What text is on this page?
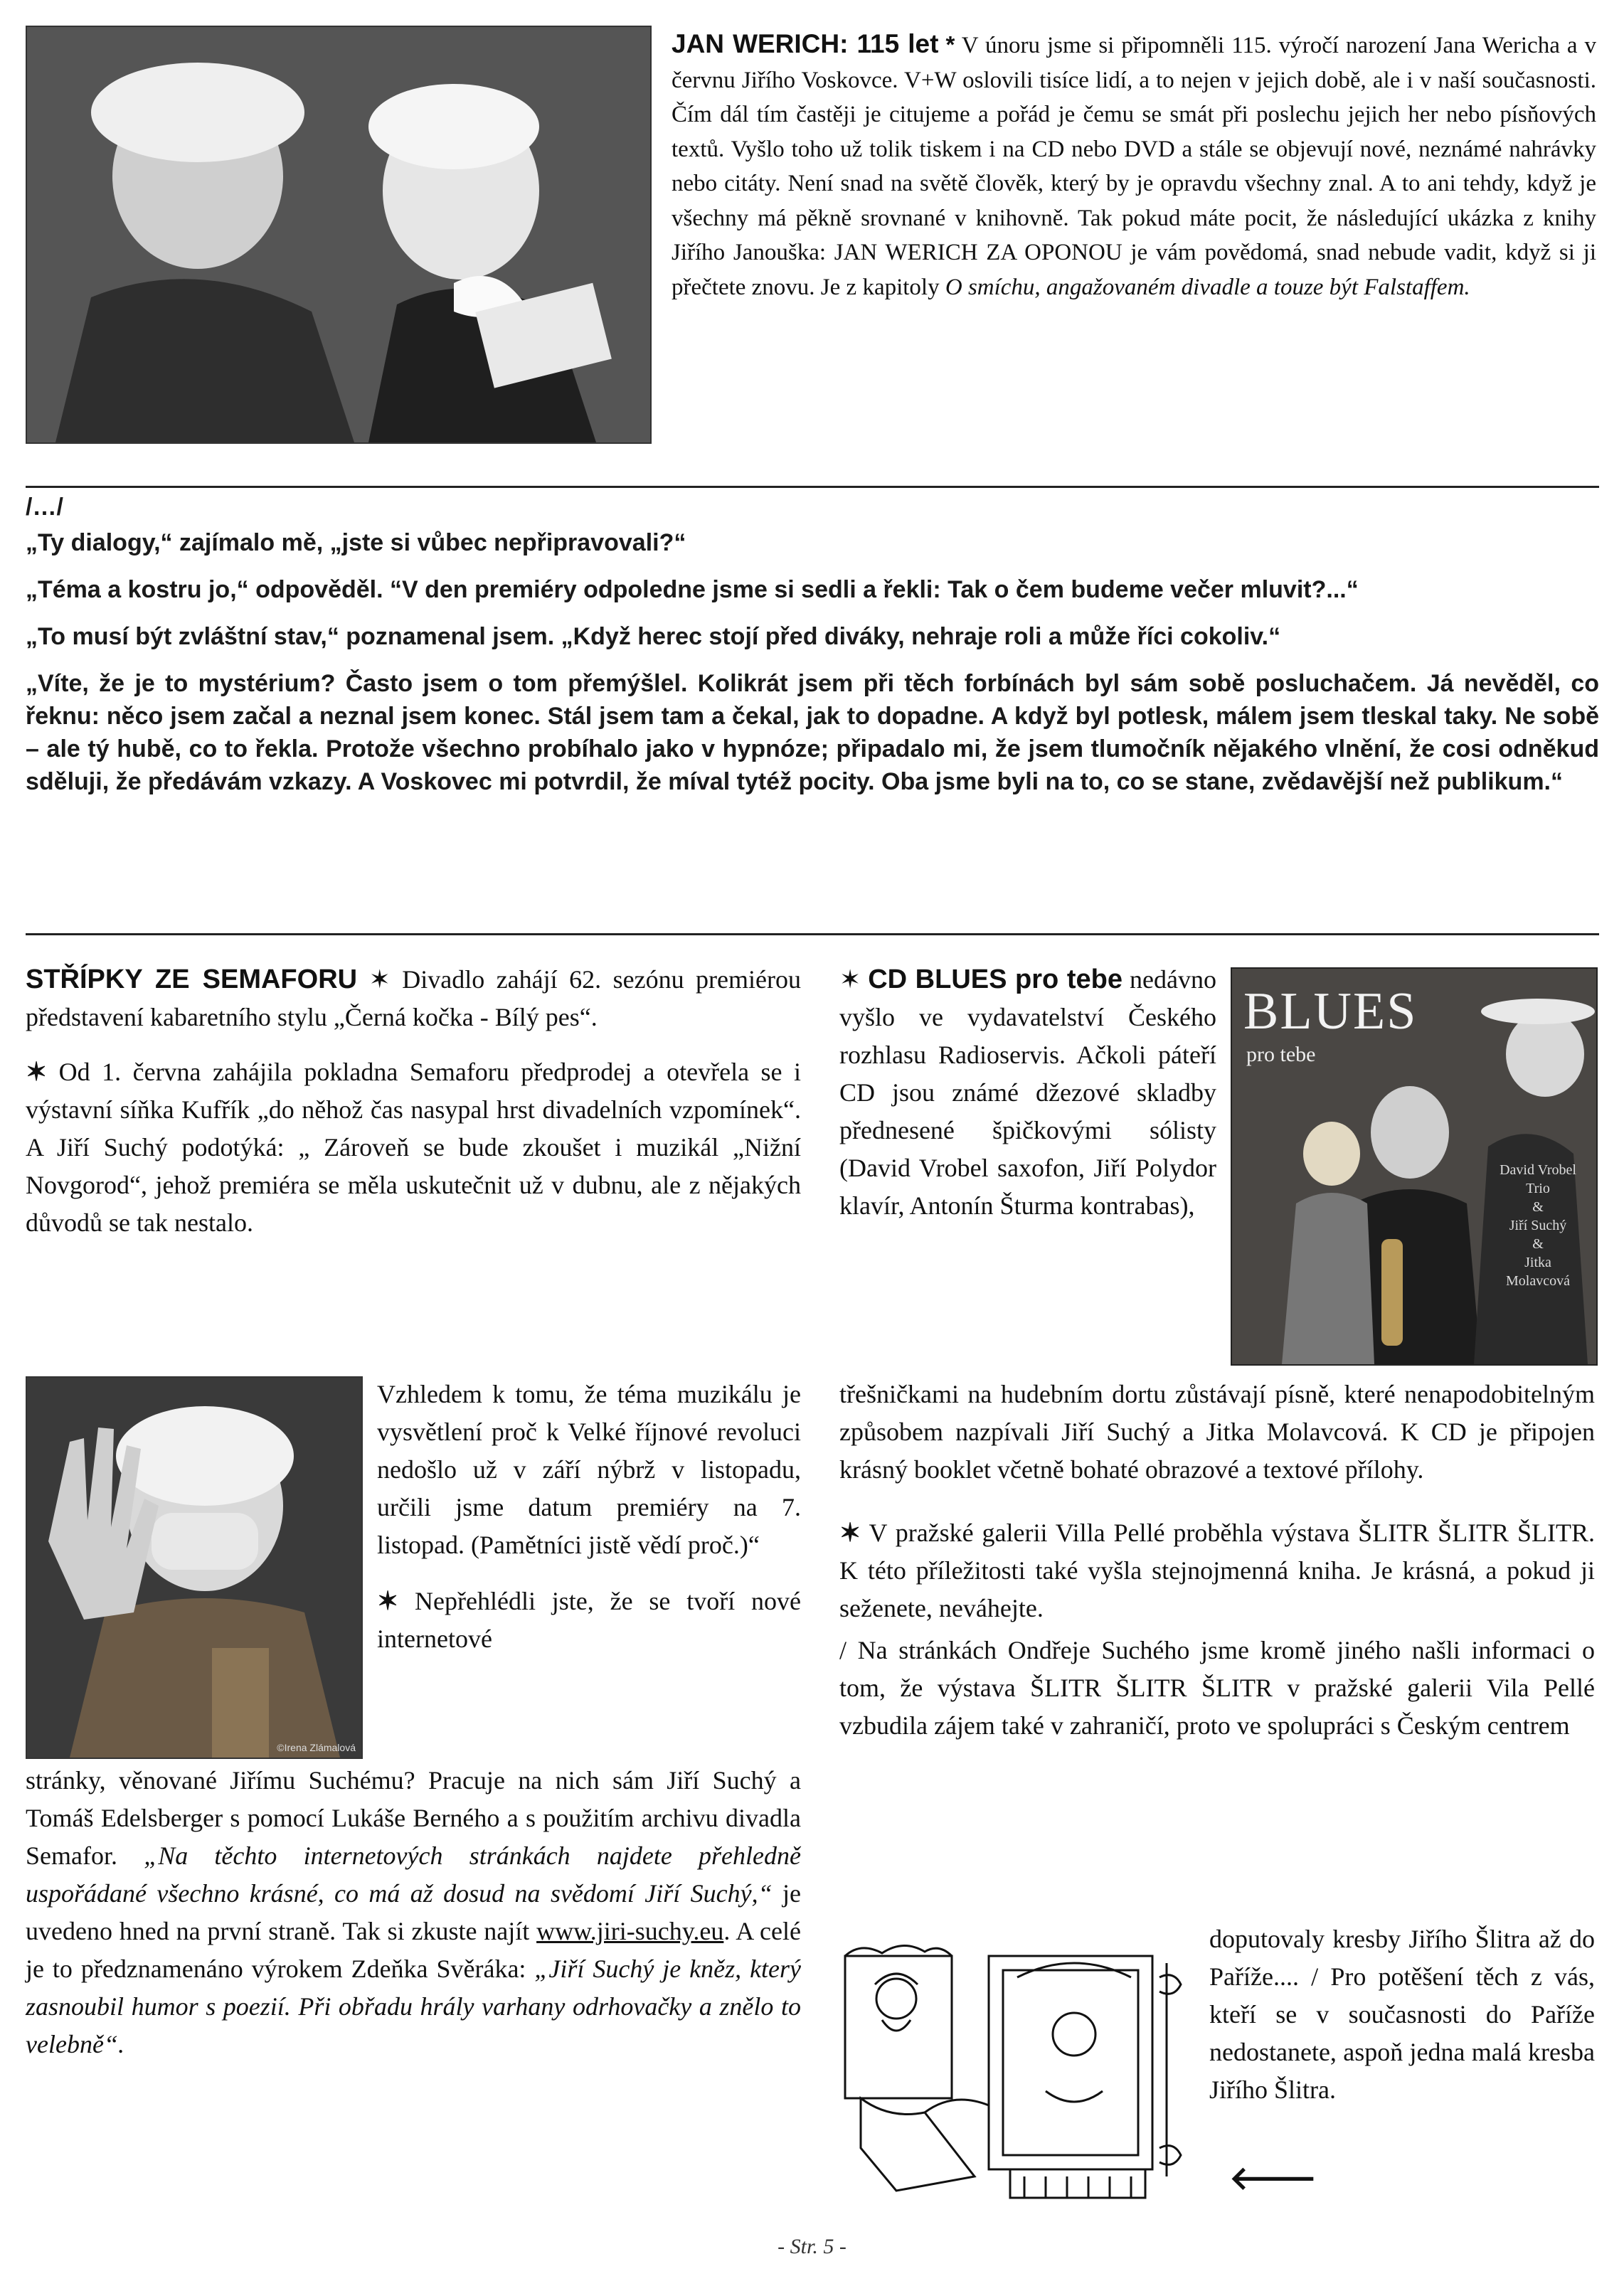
JAN WERICH: 115 let * V únoru jsme si připomněli 115. výročí narození Jana Wericha a v červnu Jiřího Voskovce. V+W oslovili tisíce lidí, a to nejen v jejich době, ale i v naší současnosti. Čím dál tím častěji je citujeme a pořád je čemu se smát při poslechu jejich her nebo písňových textů. Vyšlo toho už tolik tiskem i na CD nebo DVD a stále se objevují nové, neznámé nahrávky nebo citáty. Není snad na světě člověk, který by je opravdu všechny znal. A to ani tehdy, když je všechny má pěkně srovnané v knihovně. Tak pokud máte pocit, že následující ukázka z knihy Jiřího Janouška: JAN WERICH ZA OPONOU je vám povědomá, snad nebude vadit, když si ji přečtete znovu. Je z kapitoly O smíchu, angažovaném divadle a touze být Falstaffem.

/…/

„Ty dialogy,“ zajímalo mě, „jste si vůbec nepřipravovali?“

„Téma a kostru jo,“ odpověděl. “V den premiéry odpoledne jsme si sedli a řekli: Tak o čem budeme večer mluvit?...“

„To musí být zvláštní stav,“ poznamenal jsem. „Když herec stojí před diváky, nehraje roli a může říci cokoliv.“

„Víte, že je to mystérium? Často jsem o tom přemýšlel. Kolikrát jsem při těch forbínách byl sám sobě posluchačem. Já nevěděl, co řeknu: něco jsem začal a neznal jsem konec. Stál jsem tam a čekal, jak to dopadne. A když byl potlesk, málem jsem tleskal taky. Ne sobě – ale tý hubě, co to řekla. Protože všechno probíhalo jako v hypnóze; připadalo mi, že jsem tlumočník nějakého vlnění, že cosi odněkud sděluji, že předávám vzkazy. A Voskovec mi potvrdil, že míval tytéž pocity. Oba jsme byli na to, co se stane, zvědavější než publikum.“

STŘÍPKY ZE SEMAFORU ✶ Divadlo zahájí 62. sezónu premiérou představení kabaretního stylu „Černá kočka - Bílý pes“.

✶ Od 1. června zahájila pokladna Semaforu předprodej a otevřela se i výstavní síňka Kufřík „do něhož čas nasypal hrst divadelních vzpomínek“. A Jiří Suchý podotýká: „ Zároveň se bude zkoušet i muzikál „Nižní Novgorod“, jehož premiéra se měla uskutečnit už v dubnu, ale z nějakých důvodů se tak nestalo.

©Irena Zlámalová

Vzhledem k tomu, že téma muzikálu je vysvětlení proč k Velké říjnové revoluci nedošlo už v září nýbrž v listopadu, určili jsme datum premiéry na 7. listopad. (Pamětníci jistě vědí proč.)“

✶ Nepřehlédli jste, že se tvoří nové internetové

stránky, věnované Jiřímu Suchému? Pracuje na nich sám Jiří Suchý a Tomáš Edelsberger s pomocí Lukáše Berného a s použitím archivu divadla Semafor. „Na těchto internetových stránkách najdete přehledně uspořádané všechno krásné, co má až dosud na svědomí Jiří Suchý,“ je uvedeno hned na první straně. Tak si zkuste najít www.jiri-suchy.eu. A celé je to předznamenáno výrokem Zdeňka Svěráka: „Jiří Suchý je kněz, který zasnoubil humor s poezií. Při obřadu hrály varhany odrhovačky a znělo to velebně“.

✶ CD BLUES pro tebe nedávno vyšlo ve vydavatelství Českého rozhlasu Radioservis. Ačkoli páteří CD jsou známé džezové skladby přednesené špičkovými sólisty (David Vrobel saxofon, Jiří Polydor klavír, Antonín Šturma kontrabas),

BLUES
pro tebe
David Vrobel
Trio
&
Jiří Suchý
&
Jitka
Molavcová

třešničkami na hudebním dortu zůstávají písně, které nenapodobitelným způsobem nazpívali Jiří Suchý a Jitka Molavcová. K CD je připojen krásný booklet včetně bohaté obrazové a textové přílohy.

✶ V pražské galerii Villa Pellé proběhla výstava ŠLITR ŠLITR ŠLITR. K této příležitosti také vyšla stejnojmenná kniha. Je krásná, a pokud ji seženete, neváhejte.

/ Na stránkách Ondřeje Suchého jsme kromě jiného našli informaci o tom, že výstava ŠLITR ŠLITR ŠLITR v pražské galerii Vila Pellé vzbudila zájem také v zahraničí, proto ve spolupráci s Českým centrem

doputovaly kresby Jiřího Šlitra až do Paříže.... / Pro potěšení těch z vás, kteří se v současnosti do Paříže nedostanete, aspoň jedna malá kresba Jiřího Šlitra.

🡐
- Str. 5 -
